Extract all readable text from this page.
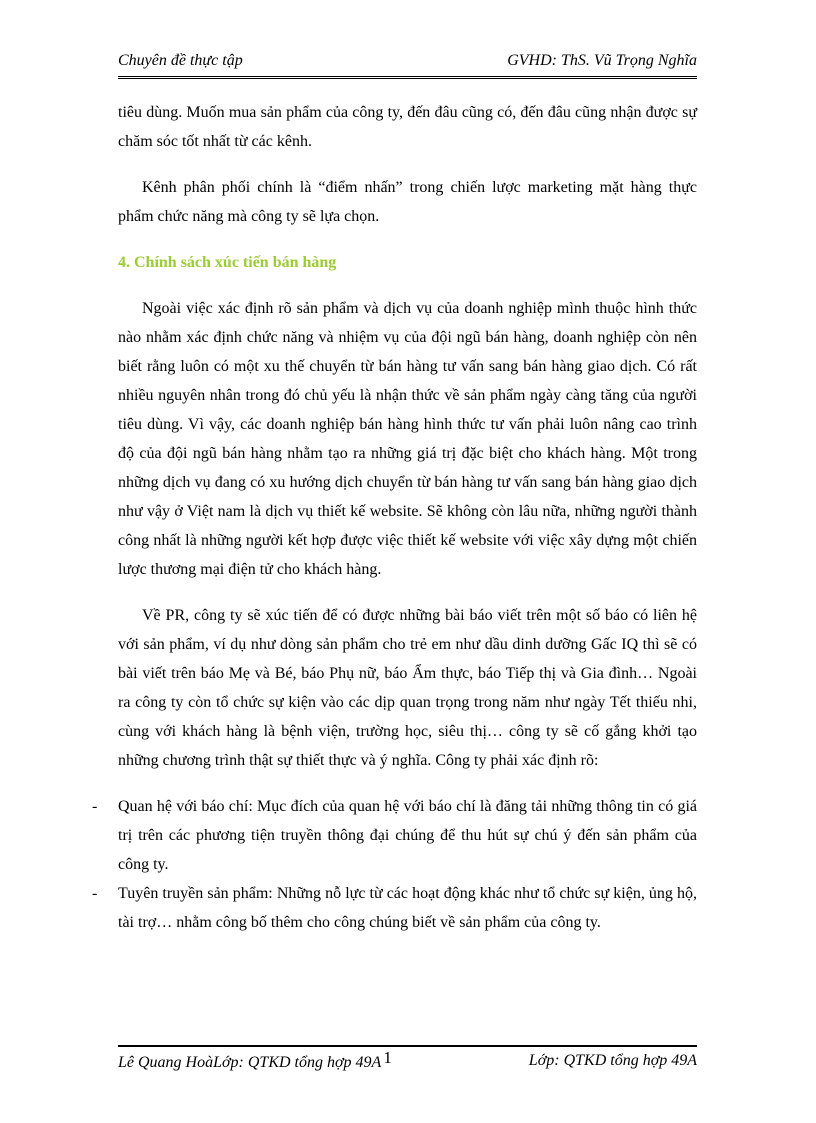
Chuyên đề thực tập	GVHD: ThS. Vũ Trọng Nghĩa

tiêu dùng. Muốn mua sản phẩm của công ty, đến đâu cũng có, đến đâu cũng nhận được sự chăm sóc tốt nhất từ các kênh.

Kênh phân phối chính là “điểm nhấn” trong chiến lược marketing mặt hàng thực phẩm chức năng mà công ty sẽ lựa chọn.

4. Chính sách xúc tiến bán hàng

Ngoài việc xác định rõ sản phẩm và dịch vụ của doanh nghiệp mình thuộc hình thức nào nhằm xác định chức năng và nhiệm vụ của đội ngũ bán hàng, doanh nghiệp còn nên biết rằng luôn có một xu thế chuyển từ bán hàng tư vấn sang bán hàng giao dịch. Có rất nhiều nguyên nhân trong đó chủ yếu là nhận thức về sản phẩm ngày càng tăng của người tiêu dùng. Vì vậy, các doanh nghiệp bán hàng hình thức tư vấn phải luôn nâng cao trình độ của đội ngũ bán hàng nhằm tạo ra những giá trị đặc biệt cho khách hàng. Một trong những dịch vụ đang có xu hướng dịch chuyển từ bán hàng tư vấn sang bán hàng giao dịch như vậy ở Việt nam là dịch vụ thiết kế website. Sẽ không còn lâu nữa, những người thành công nhất là những người kết hợp được việc thiết kế website với việc xây dựng một chiến lược thương mại điện tử cho khách hàng.

Về PR, công ty sẽ xúc tiến để có được những bài báo viết trên một số báo có liên hệ với sản phẩm, ví dụ như dòng sản phẩm cho trẻ em như dầu dinh dưỡng Gấc IQ thì sẽ có bài viết trên báo Mẹ và Bé, báo Phụ nữ, báo Ẩm thực, báo Tiếp thị và Gia đình… Ngoài ra công ty còn tổ chức sự kiện vào các dịp quan trọng trong năm như ngày Tết thiếu nhi, cùng với khách hàng là bệnh viện, trường học, siêu thị… công ty sẽ cố gắng khởi tạo những chương trình thật sự thiết thực và ý nghĩa. Công ty phải xác định rõ:

- Quan hệ với báo chí: Mục đích của quan hệ với báo chí là đăng tải những thông tin có giá trị trên các phương tiện truyền thông đại chúng để thu hút sự chú ý đến sản phẩm của công ty.
- Tuyên truyền sản phẩm: Những nỗ lực từ các hoạt động khác như tổ chức sự kiện, ủng hộ, tài trợ… nhằm công bố thêm cho công chúng biết về sản phẩm của công ty.
Lê Quang HoàLớp: QTKD tổng hợp 49A 1	Lớp: QTKD tổng hợp 49A
